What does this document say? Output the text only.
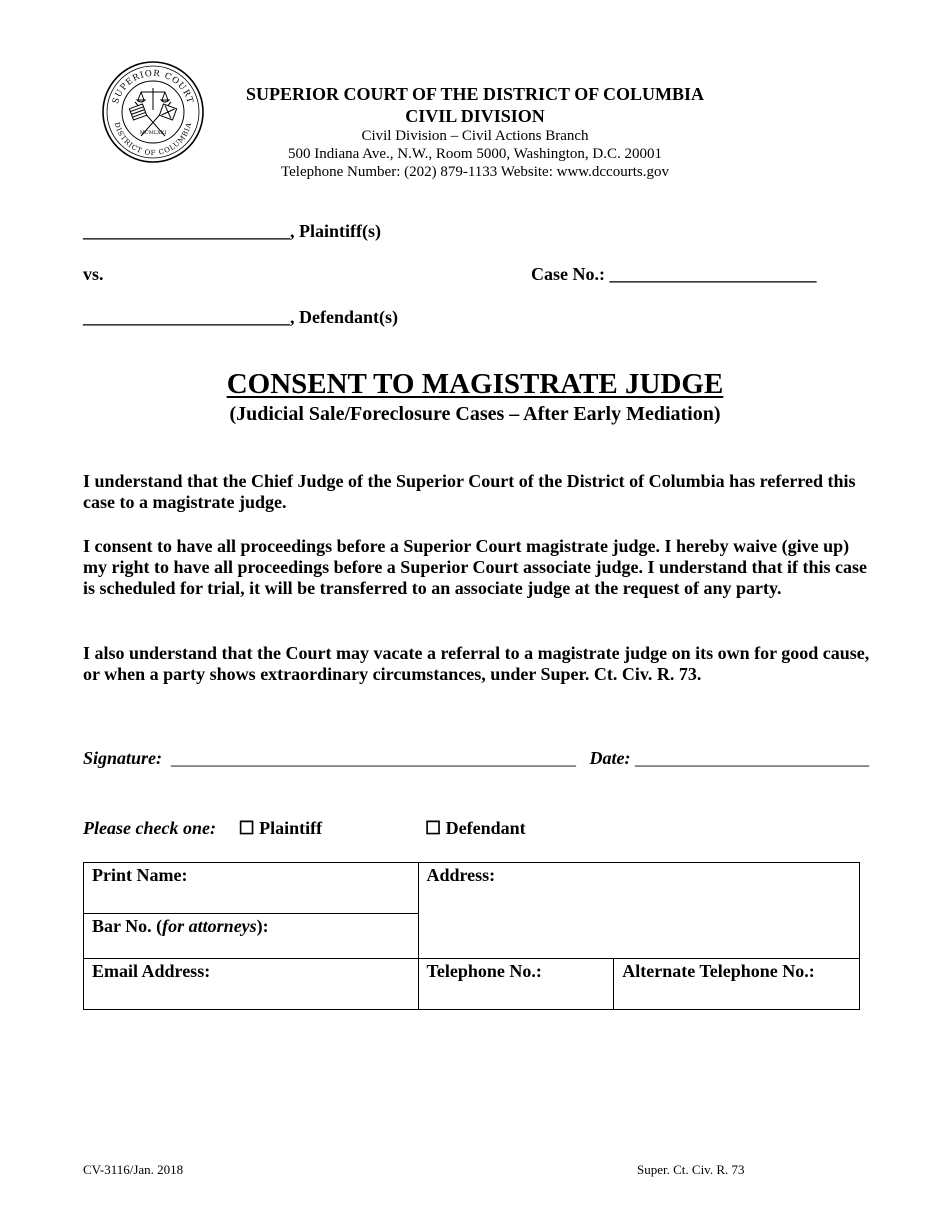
SUPERIOR COURT
DISTRICT OF COLUMBIA
MCMLXXI
SUPERIOR COURT OF THE DISTRICT OF COLUMBIA
CIVIL DIVISION
Civil Division – Civil Actions Branch
500 Indiana Ave., N.W., Room 5000, Washington, D.C. 20001
Telephone Number: (202) 879-1133 Website: www.dccourts.gov
_______________________, Plaintiff(s)
vs.	Case No.: _______________________
_______________________, Defendant(s)
CONSENT TO MAGISTRATE JUDGE
(Judicial Sale/Foreclosure Cases – After Early Mediation)
I understand that the Chief Judge of the Superior Court of the District of Columbia has referred this case to a magistrate judge.
I consent to have all proceedings before a Superior Court magistrate judge. I hereby waive (give up) my right to have all proceedings before a Superior Court associate judge. I understand that if this case is scheduled for trial, it will be transferred to an associate judge at the request of any party.
I also understand that the Court may vacate a referral to a magistrate judge on its own for good cause, or when a party shows extraordinary circumstances, under Super. Ct. Civ. R. 73.
Signature:  _____________________________________________ Date: __________________________
Please check one: ☐ Plaintiff	☐ Defendant
Print Name:	Address:	
Bar No. (for attorneys):		
Email Address:	Telephone No.:	Alternate Telephone No.:
CV-3116/Jan. 2018	Super. Ct. Civ. R. 73
